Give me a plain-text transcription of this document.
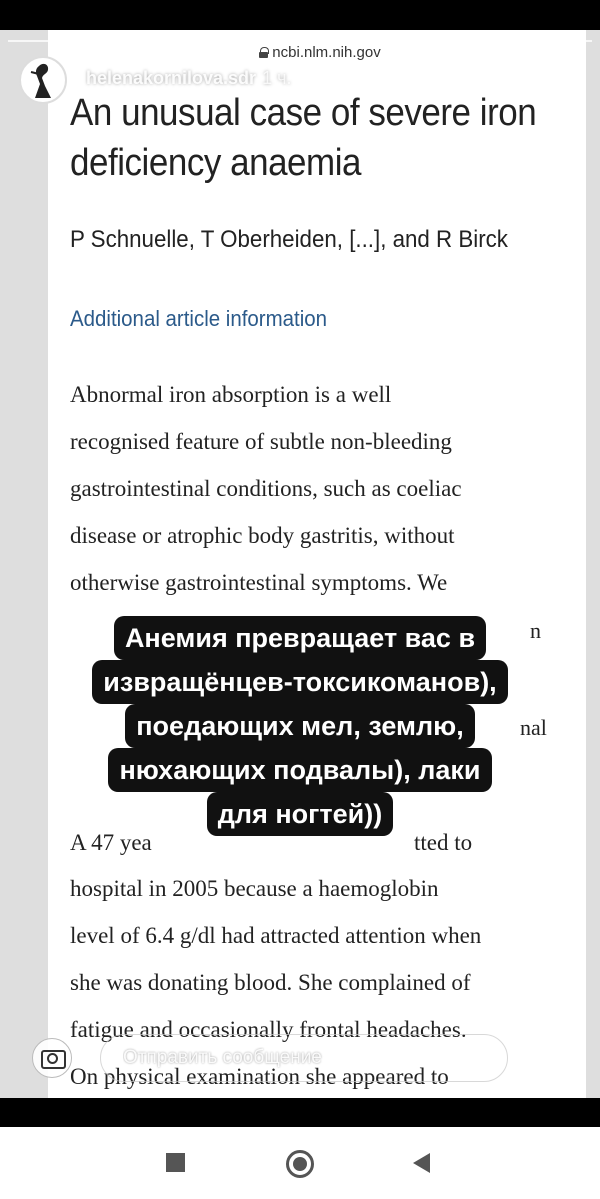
ncbi.nlm.nih.gov
helenakornilova.sdr 1 ч.
An unusual case of severe iron
deficiency anaemia
P Schnuelle, T Oberheiden, [...], and R Birck
Additional article information
Abnormal iron absorption is a well
recognised feature of subtle non-bleeding
gastrointestinal conditions, such as coeliac
disease or atrophic body gastritis, without
otherwise gastrointestinal symptoms. We
n
nal
A 47 yea	tted to
hospital in 2005 because a haemoglobin
level of 6.4 g/dl had attracted attention when
she was donating blood. She complained of
fatigue and occasionally frontal headaches.
On physical examination she appeared to
Анемия превращает вас в
извращёнцев-токсикоманов),
поедающих мел, землю,
нюхающих подвалы), лаки
для ногтей))
Отправить сообщение
